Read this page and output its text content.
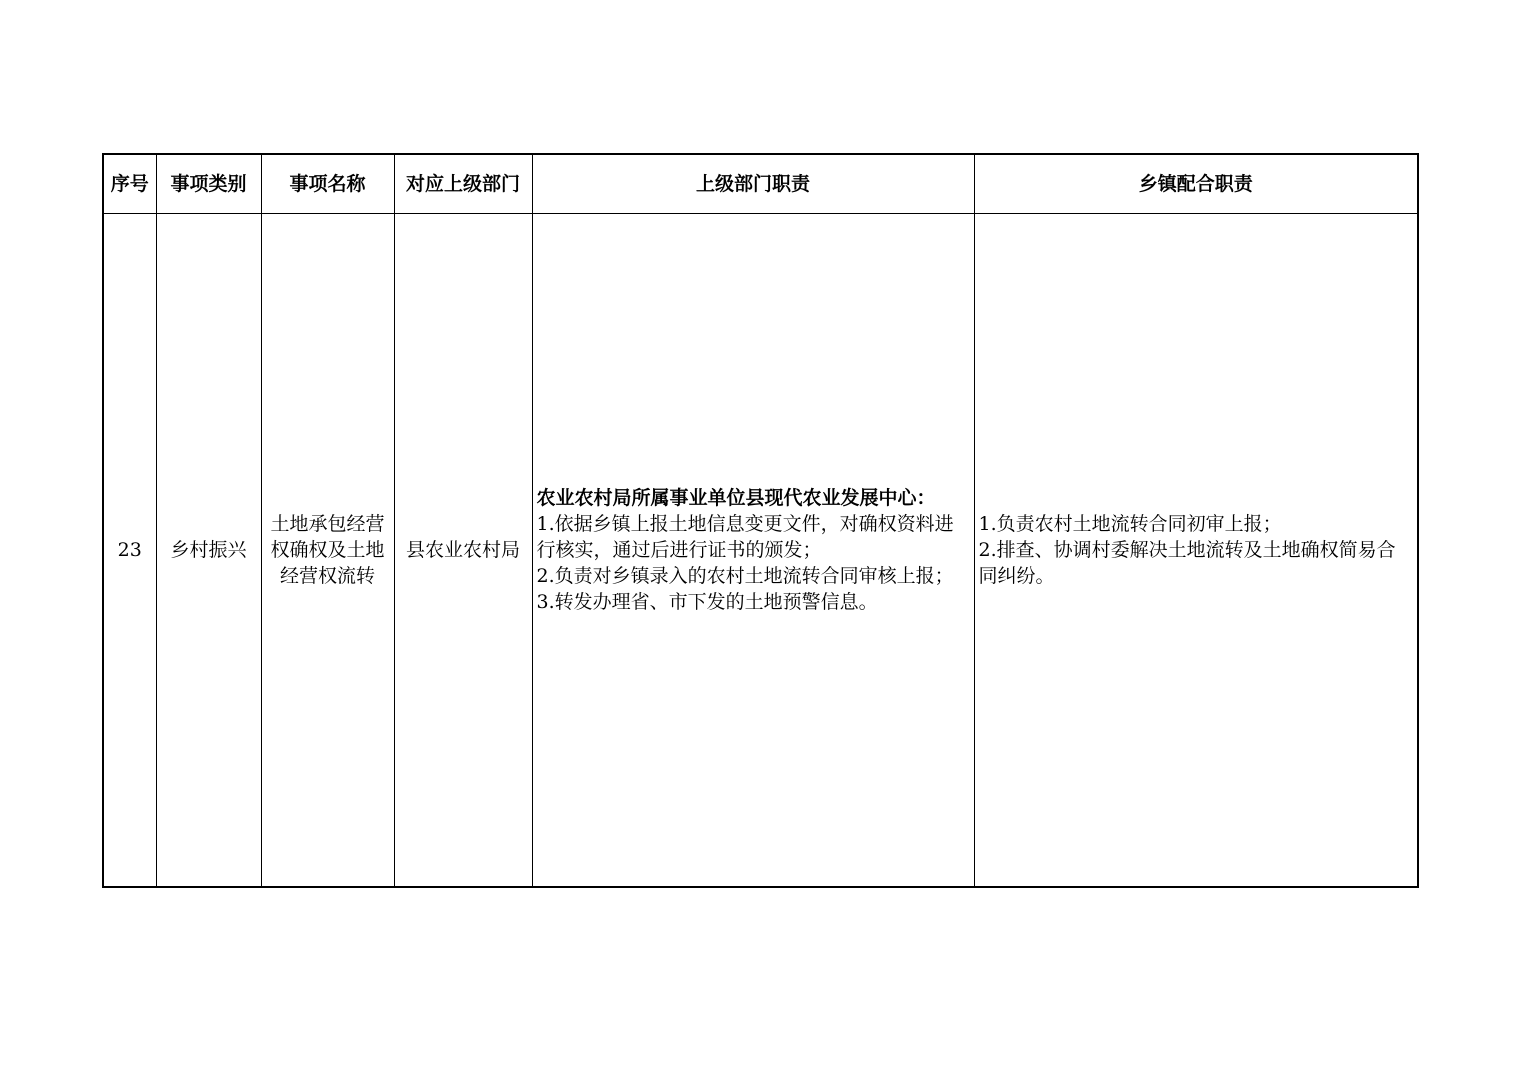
序号	事项类别	事项名称	对应上级部门	上级部门职责	乡镇配合职责
23	乡村振兴	土地承包经营权确权及土地经营权流转	县农业农村局	农业农村局所属事业单位县现代农业发展中心：
1.依据乡镇上报土地信息变更文件，对确权资料进行核实，通过后进行证书的颁发；
2.负责对乡镇录入的农村土地流转合同审核上报；
3.转发办理省、市下发的土地预警信息。	1.负责农村土地流转合同初审上报；
2.排查、协调村委解决土地流转及土地确权简易合同纠纷。
